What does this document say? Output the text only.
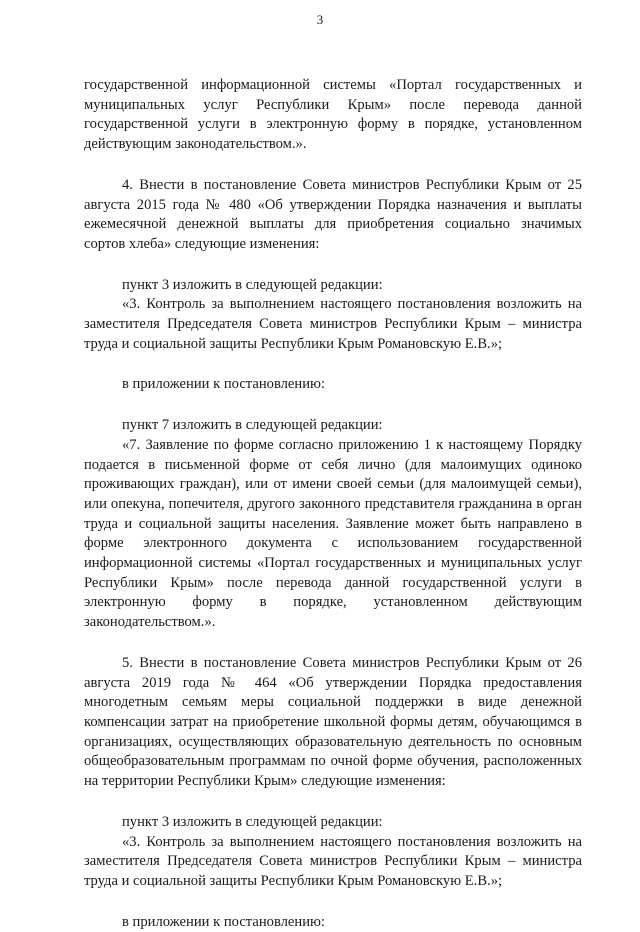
3

государственной информационной системы «Портал государственных и муниципальных услуг Республики Крым» после перевода данной государственной услуги в электронную форму в порядке, установленном действующим законодательством.».

4. Внести в постановление Совета министров Республики Крым от 25 августа 2015 года № 480 «Об утверждении Порядка назначения и выплаты ежемесячной денежной выплаты для приобретения социально значимых сортов хлеба» следующие изменения:

пункт 3 изложить в следующей редакции:

«3. Контроль за выполнением настоящего постановления возложить на заместителя Председателя Совета министров Республики Крым – министра труда и социальной защиты Республики Крым Романовскую Е.В.»;

в приложении к постановлению:

пункт 7 изложить в следующей редакции:

«7. Заявление по форме согласно приложению 1 к настоящему Порядку подается в письменной форме от себя лично (для малоимущих одиноко проживающих граждан), или от имени своей семьи (для малоимущей семьи), или опекуна, попечителя, другого законного представителя гражданина в орган труда и социальной защиты населения. Заявление может быть направлено в форме электронного документа с использованием государственной информационной системы «Портал государственных и муниципальных услуг Республики Крым» после перевода данной государственной услуги в электронную форму в порядке, установленном действующим законодательством.».

5. Внести в постановление Совета министров Республики Крым от 26 августа 2019 года № 464 «Об утверждении Порядка предоставления многодетным семьям меры социальной поддержки в виде денежной компенсации затрат на приобретение школьной формы детям, обучающимся в организациях, осуществляющих образовательную деятельность по основным общеобразовательным программам по очной форме обучения, расположенных на территории Республики Крым» следующие изменения:

пункт 3 изложить в следующей редакции:

«3. Контроль за выполнением настоящего постановления возложить на заместителя Председателя Совета министров Республики Крым – министра труда и социальной защиты Республики Крым Романовскую Е.В.»;

в приложении к постановлению:
